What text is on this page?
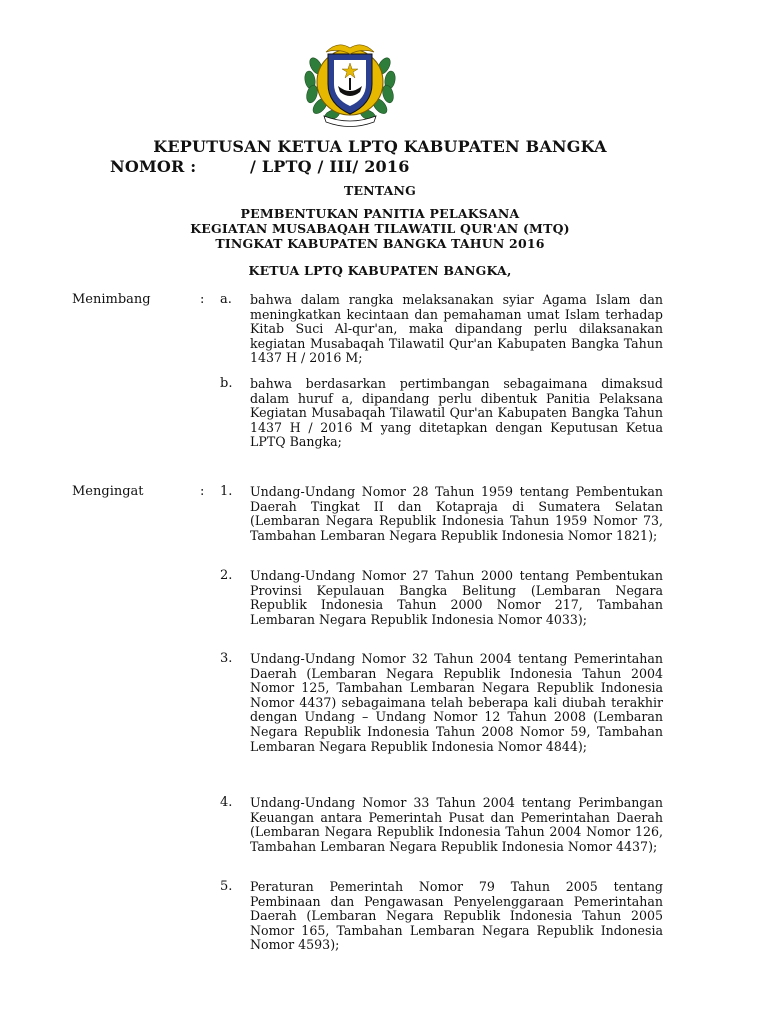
KEPUTUSAN KETUA LPTQ KABUPATEN BANGKA
NOMOR :	/ LPTQ / III/ 2016
TENTANG
PEMBENTUKAN PANITIA PELAKSANA
KEGIATAN MUSABAQAH TILAWATIL QUR'AN (MTQ)
TINGKAT KABUPATEN BANGKA TAHUN 2016
KETUA LPTQ KABUPATEN BANGKA,
Menimbang	: a. bahwa dalam rangka melaksanakan syiar Agama Islam dan meningkatkan kecintaan dan pemahaman umat Islam terhadap Kitab Suci Al-qur'an, maka dipandang perlu dilaksanakan kegiatan Musabaqah Tilawatil Qur'an Kabupaten Bangka Tahun 1437 H / 2016 M;
b. bahwa berdasarkan pertimbangan sebagaimana dimaksud dalam huruf a, dipandang perlu dibentuk Panitia Pelaksana Kegiatan Musabaqah Tilawatil Qur'an Kabupaten Bangka Tahun 1437 H / 2016 M yang ditetapkan dengan Keputusan Ketua LPTQ Bangka;
Mengingat	: 1. Undang-Undang Nomor 28 Tahun 1959 tentang Pembentukan Daerah Tingkat II dan Kotapraja di Sumatera Selatan (Lembaran Negara Republik Indonesia Tahun 1959 Nomor 73, Tambahan Lembaran Negara Republik Indonesia Nomor 1821);
2. Undang-Undang Nomor 27 Tahun 2000 tentang Pembentukan Provinsi Kepulauan Bangka Belitung (Lembaran Negara Republik Indonesia Tahun 2000 Nomor 217, Tambahan Lembaran Negara Republik Indonesia Nomor 4033);
3. Undang-Undang Nomor 32 Tahun 2004 tentang Pemerintahan Daerah (Lembaran Negara Republik Indonesia Tahun 2004 Nomor 125, Tambahan Lembaran Negara Republik Indonesia Nomor 4437) sebagaimana telah beberapa kali diubah terakhir dengan Undang – Undang Nomor 12 Tahun 2008 (Lembaran Negara Republik Indonesia Tahun 2008 Nomor 59, Tambahan Lembaran Negara Republik Indonesia Nomor 4844);
4. Undang-Undang Nomor 33 Tahun 2004 tentang Perimbangan Keuangan antara Pemerintah Pusat dan Pemerintahan Daerah (Lembaran Negara Republik Indonesia Tahun 2004 Nomor 126, Tambahan Lembaran Negara Republik Indonesia Nomor 4437);
5. Peraturan Pemerintah Nomor 79 Tahun 2005 tentang Pembinaan dan Pengawasan Penyelenggaraan Pemerintahan Daerah (Lembaran Negara Republik Indonesia Tahun 2005 Nomor 165, Tambahan Lembaran Negara Republik Indonesia Nomor 4593);
